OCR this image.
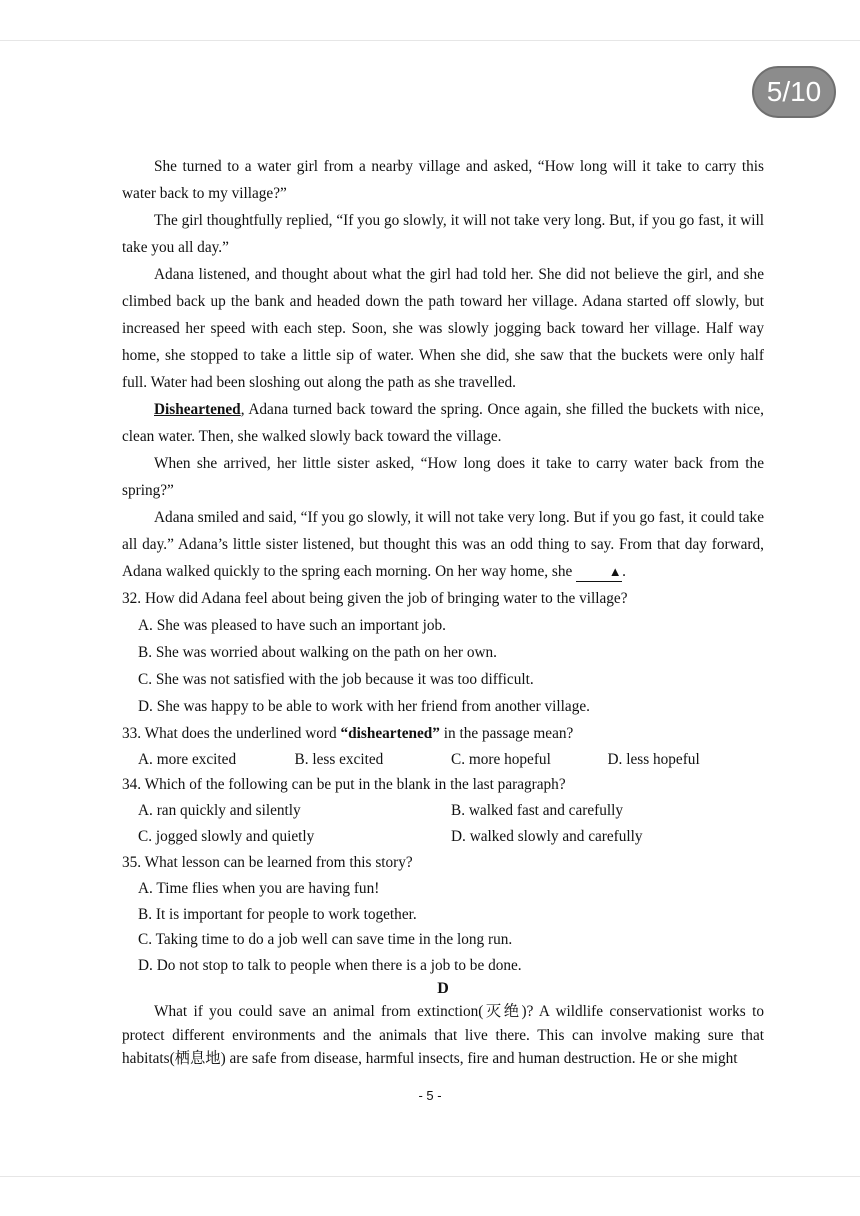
5/10

She turned to a water girl from a nearby village and asked, “How long will it take to carry this water back to my village?”

The girl thoughtfully replied, “If you go slowly, it will not take very long. But, if you go fast, it will take you all day.”

Adana listened, and thought about what the girl had told her. She did not believe the girl, and she climbed back up the bank and headed down the path toward her village. Adana started off slowly, but increased her speed with each step. Soon, she was slowly jogging back toward her village. Half way home, she stopped to take a little sip of water. When she did, she saw that the buckets were only half full. Water had been sloshing out along the path as she travelled.

Disheartened, Adana turned back toward the spring. Once again, she filled the buckets with nice, clean water. Then, she walked slowly back toward the village.

When she arrived, her little sister asked, “How long does it take to carry water back from the spring?”

Adana smiled and said, “If you go slowly, it will not take very long. But if you go fast, it could take all day.” Adana’s little sister listened, but thought this was an odd thing to say. From that day forward, Adana walked quickly to the spring each morning. On her way home, she	▲.

32. How did Adana feel about being given the job of bringing water to the village?

A. She was pleased to have such an important job.

B. She was worried about walking on the path on her own.

C. She was not satisfied with the job because it was too difficult.

D. She was happy to be able to work with her friend from another village.

33. What does the underlined word “disheartened” in the passage mean?

A. more excited	B. less excited	C. more hopeful	D. less hopeful

34. Which of the following can be put in the blank in the last paragraph?

A. ran quickly and silently	B. walked fast and carefully
C. jogged slowly and quietly	D. walked slowly and carefully

35. What lesson can be learned from this story?

A. Time flies when you are having fun!

B. It is important for people to work together.

C. Taking time to do a job well can save time in the long run.

D. Do not stop to talk to people when there is a job to be done.

D

What if you could save an animal from extinction(灭绝)? A wildlife conservationist works to protect different environments and the animals that live there. This can involve making sure that habitats(栖息地) are safe from disease, harmful insects, fire and human destruction. He or she might

- 5 -
